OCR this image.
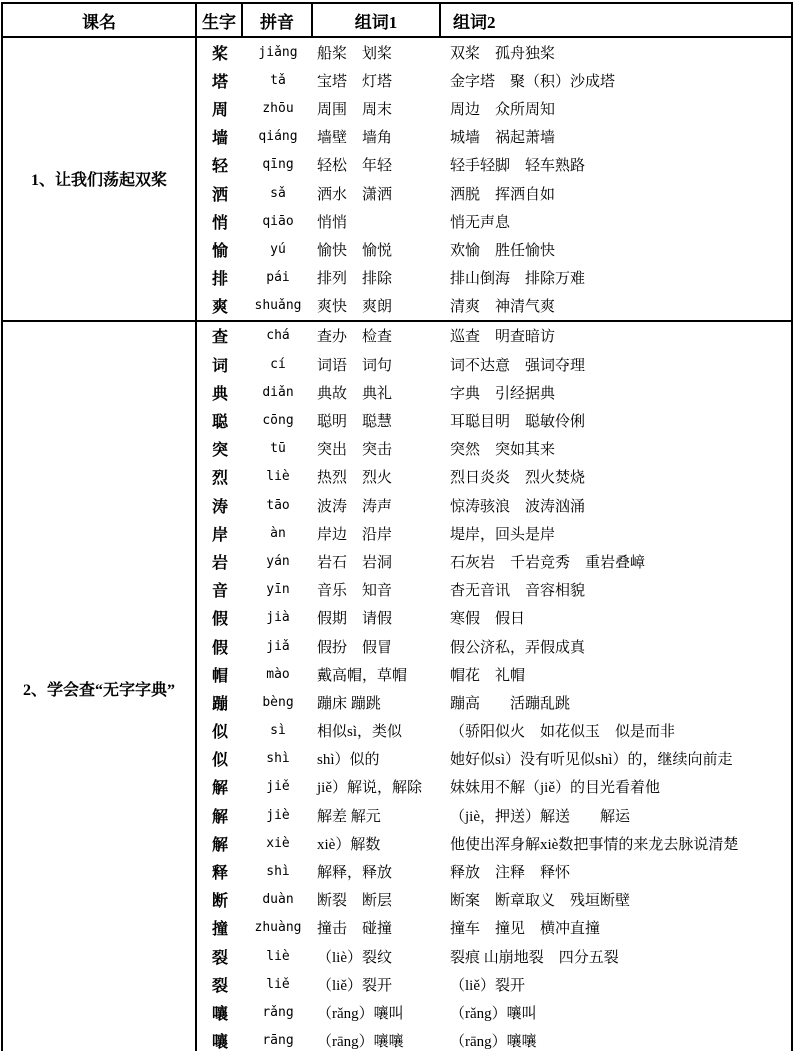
课名	生字	拼音	组词1	组词2
1、让我们荡起双桨
桨	jiǎng	船桨　划桨	双桨　孤舟独桨
塔	tǎ	宝塔　灯塔	金字塔　聚（积）沙成塔
周	zhōu	周围　周末	周边　众所周知
墙	qiáng	墙壁　墙角	城墙　祸起萧墙
轻	qīng	轻松　年轻	轻手轻脚　轻车熟路
洒	sǎ	洒水　潇洒	洒脱　挥洒自如
悄	qiāo	悄悄	悄无声息
愉	yú	愉快　愉悦	欢愉　胜任愉快
排	pái	排列　排除	排山倒海　排除万难
爽	shuǎng	爽快　爽朗	清爽　神清气爽
2、学会查“无字字典”
查	chá	查办　检查	巡查　明查暗访
词	cí	词语　词句	词不达意　强词夺理
典	diǎn	典故　典礼	字典　引经据典
聪	cōng	聪明　聪慧	耳聪目明　聪敏伶俐
突	tū	突出　突击	突然　突如其来
烈	liè	热烈　烈火	烈日炎炎　烈火焚烧
涛	tāo	波涛　涛声	惊涛骇浪　波涛汹涌
岸	àn	岸边　沿岸	堤岸，回头是岸
岩	yán	岩石　岩洞	石灰岩　千岩竞秀　重岩叠嶂
音	yīn	音乐　知音	杳无音讯　音容相貌
假	jià	假期　请假	寒假　假日
假	jiǎ	假扮　假冒	假公济私，弄假成真
帽	mào	戴高帽，草帽	帽花　礼帽
蹦	bèng	蹦床 蹦跳	蹦高　　活蹦乱跳
似	sì	相似sì，类似	（骄阳似火　如花似玉　似是而非
似	shì	shì）似的	她好似sì）没有听见似shì）的，继续向前走
解	jiě	jiě）解说，解除	妹妹用不解（jiě）的目光看着他
解	jiè	解差 解元	（jiè，押送）解送　　解运
解	xiè	xiè）解数	他使出浑身解xiè数把事情的来龙去脉说清楚
释	shì	解释，释放	释放　注释　释怀
断	duàn	断裂　断层	断案　断章取义　残垣断壁
撞	zhuàng	撞击　碰撞	撞车　撞见　横冲直撞
裂	liè	（liè）裂纹	裂痕 山崩地裂　四分五裂
裂	liě	（liě）裂开	（liě）裂开
嚷	rǎng	（rǎng）嚷叫	（rǎng）嚷叫
嚷	rāng	（rāng）嚷嚷	（rāng）嚷嚷
